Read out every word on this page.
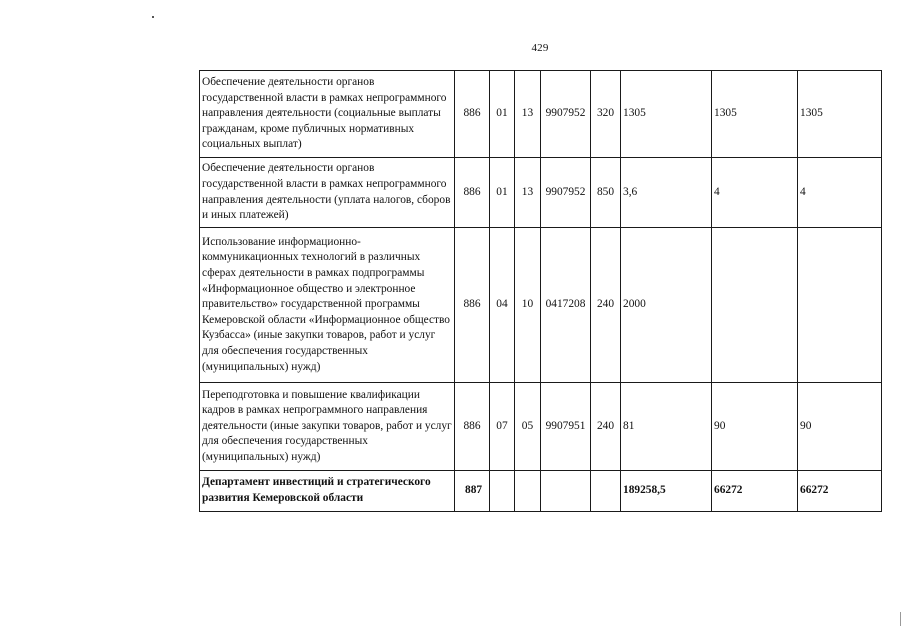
429
Обеспечение деятельности органов государственной власти в рамках непрограммного направления деятельности (социальные выплаты гражданам, кроме публичных нормативных социальных выплат)	886	01	13	9907952	320	1305	1305	1305
Обеспечение деятельности органов государственной власти в рамках непрограммного направления деятельности (уплата налогов, сборов и иных платежей)	886	01	13	9907952	850	3,6	4	4
Использование информационно-коммуникационных технологий в различных сферах деятельности в рамках подпрограммы «Информационное общество и электронное правительство» государственной программы Кемеровской области «Информационное общество Кузбасса» (иные закупки товаров, работ и услуг для обеспечения государственных (муниципальных) нужд)	886	04	10	0417208	240	2000		
Переподготовка и повышение квалификации кадров в рамках непрограммного направления деятельности (иные закупки товаров, работ и услуг для обеспечения государственных (муниципальных) нужд)	886	07	05	9907951	240	81	90	90
Департамент инвестиций и стратегического развития Кемеровской области	887					189258,5	66272	66272
